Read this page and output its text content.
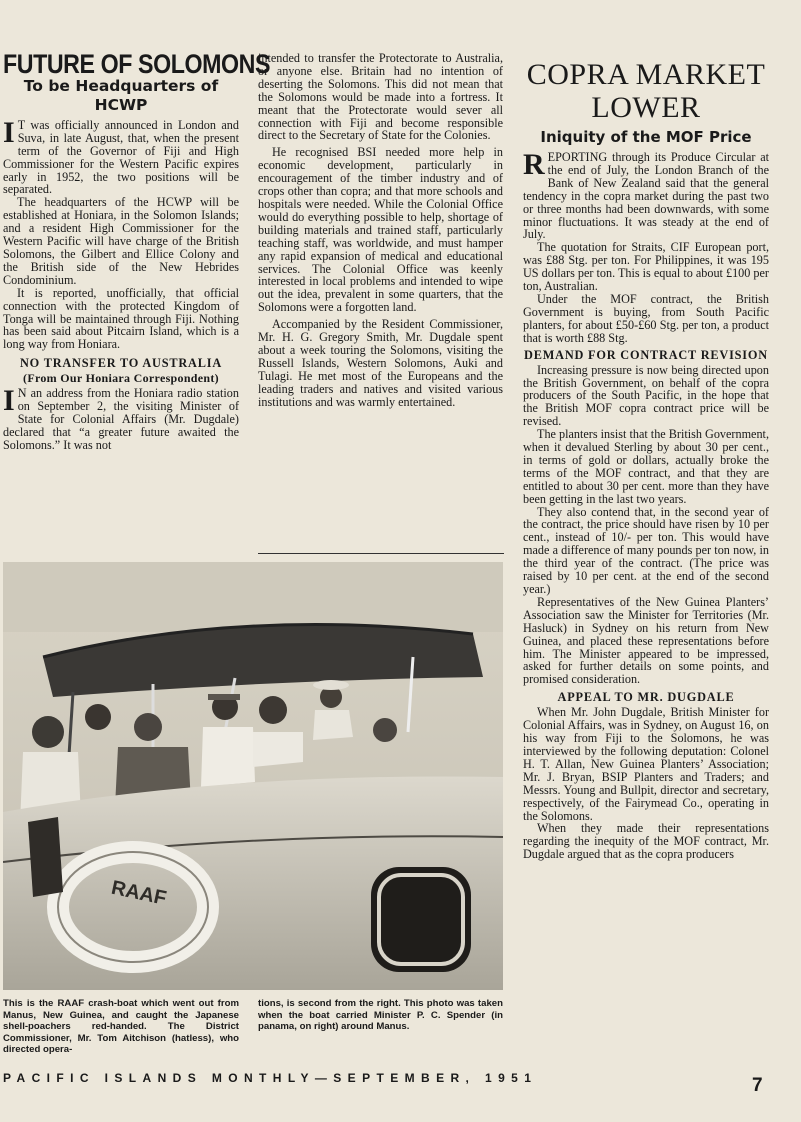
FUTURE OF SOLOMONS
To be Headquarters of HCWP

I T was officially announced in London and Suva, in late August, that, when the present term of the Governor of Fiji and High Commissioner for the Western Pacific expires early in 1952, the two positions will be separated.

The headquarters of the HCWP will be established at Honiara, in the Solomon Islands; and a resident High Commissioner for the Western Pacific will have charge of the British Solomons, the Gilbert and Ellice Colony and the British side of the New Hebrides Condominium.

It is reported, unofficially, that official connection with the protected Kingdom of Tonga will be maintained through Fiji. Nothing has been said about Pitcairn Island, which is a long way from Honiara.

NO TRANSFER TO AUSTRALIA
(From Our Honiara Correspondent)

I N an address from the Honiara radio station on September 2, the visiting Minister of State for Colonial Affairs (Mr. Dugdale) declared that “a greater future awaited the Solomons.” It was not

intended to transfer the Protectorate to Australia, or anyone else. Britain had no intention of deserting the Solomons. This did not mean that the Solomons would be made into a fortress. It meant that the Protectorate would sever all connection with Fiji and become responsible direct to the Secretary of State for the Colonies.

He recognised BSI needed more help in economic development, particularly in encouragement of the timber industry and of crops other than copra; and that more schools and hospitals were needed. While the Colonial Office would do everything possible to help, shortage of building materials and trained staff, particularly teaching staff, was worldwide, and must hamper any rapid expansion of medical and educational services. The Colonial Office was keenly interested in local problems and intended to wipe out the idea, prevalent in some quarters, that the Solomons were a forgotten land.

Accompanied by the Resident Commissioner, Mr. H. G. Gregory Smith, Mr. Dugdale spent about a week touring the Solomons, visiting the Russell Islands, Western Solomons, Auki and Tulagi. He met most of the Europeans and the leading traders and natives and visited various institutions and was warmly entertained.

RAAF
This is the RAAF crash-boat which went out from Manus, New Guinea, and caught the Japanese shell-poachers red-handed. The District Commissioner, Mr. Tom Aitchison (hatless), who directed opera-
tions, is second from the right. This photo was taken when the boat carried Minister P. C. Spender (in panama, on right) around Manus.
COPRA MARKET LOWER
Iniquity of the MOF Price

REPORTING through its Produce Circular at the end of July, the London Branch of the Bank of New Zealand said that the general tendency in the copra market during the past two or three months had been downwards, with some minor fluctuations. It was steady at the end of July.

The quotation for Straits, CIF European port, was £88 Stg. per ton. For Philippines, it was 195 US dollars per ton. This is equal to about £100 per ton, Australian.

Under the MOF contract, the British Government is buying, from South Pacific planters, for about £50-£60 Stg. per ton, a product that is worth £88 Stg.

DEMAND FOR CONTRACT REVISION

Increasing pressure is now being directed upon the British Government, on behalf of the copra producers of the South Pacific, in the hope that the British MOF copra contract price will be revised.

The planters insist that the British Government, when it devalued Sterling by about 30 per cent., in terms of gold or dollars, actually broke the terms of the MOF contract, and that they are entitled to about 30 per cent. more than they have been getting in the last two years.

They also contend that, in the second year of the contract, the price should have risen by 10 per cent., instead of 10/- per ton. This would have made a difference of many pounds per ton now, in the third year of the contract. (The price was raised by 10 per cent. at the end of the second year.)

Representatives of the New Guinea Planters’ Association saw the Minister for Territories (Mr. Hasluck) in Sydney on his return from New Guinea, and placed these representations before him. The Minister appeared to be impressed, asked for further details on some points, and promised consideration.

APPEAL TO MR. DUGDALE

When Mr. John Dugdale, British Minister for Colonial Affairs, was in Sydney, on August 16, on his way from Fiji to the Solomons, he was interviewed by the following deputation: Colonel H. T. Allan, New Guinea Planters’ Association; Mr. J. Bryan, BSIP Planters and Traders; and Messrs. Young and Bullpit, director and secretary, respectively, of the Fairymead Co., operating in the Solomons.

When they made their representations regarding the inequity of the MOF contract, Mr. Dugdale argued that as the copra producers

PACIFIC ISLANDS MONTHLY—SEPTEMBER, 1951	7
